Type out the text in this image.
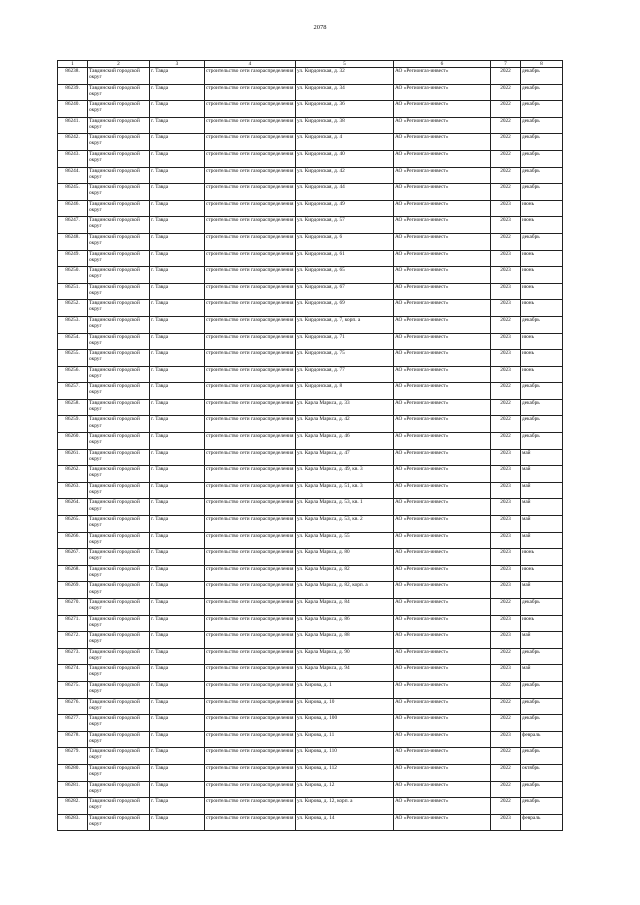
2078
1	2	3	4	5	6	7	8
86238.	Тавдинский городской округ	г. Тавда	строительство сети газораспределения	ул. Кирдонская, д. 32	АО «Регионгаз-инвест»	2022	декабрь
86239.	Тавдинский городской округ	г. Тавда	строительство сети газораспределения	ул. Кирдонская, д. 34	АО «Регионгаз-инвест»	2022	декабрь
86240.	Тавдинский городской округ	г. Тавда	строительство сети газораспределения	ул. Кирдонская, д. 36	АО «Регионгаз-инвест»	2022	декабрь
86241.	Тавдинский городской округ	г. Тавда	строительство сети газораспределения	ул. Кирдонская, д. 38	АО «Регионгаз-инвест»	2022	декабрь
86242.	Тавдинский городской округ	г. Тавда	строительство сети газораспределения	ул. Кирдонская, д. 4	АО «Регионгаз-инвест»	2022	декабрь
86243.	Тавдинский городской округ	г. Тавда	строительство сети газораспределения	ул. Кирдонская, д. 40	АО «Регионгаз-инвест»	2022	декабрь
86244.	Тавдинский городской округ	г. Тавда	строительство сети газораспределения	ул. Кирдонская, д. 42	АО «Регионгаз-инвест»	2022	декабрь
86245.	Тавдинский городской округ	г. Тавда	строительство сети газораспределения	ул. Кирдонская, д. 44	АО «Регионгаз-инвест»	2022	декабрь
86246.	Тавдинский городской округ	г. Тавда	строительство сети газораспределения	ул. Кирдонская, д. 49	АО «Регионгаз-инвест»	2023	июнь
86247.	Тавдинский городской округ	г. Тавда	строительство сети газораспределения	ул. Кирдонская, д. 57	АО «Регионгаз-инвест»	2023	июнь
86248.	Тавдинский городской округ	г. Тавда	строительство сети газораспределения	ул. Кирдонская, д. 6	АО «Регионгаз-инвест»	2022	декабрь
86249.	Тавдинский городской округ	г. Тавда	строительство сети газораспределения	ул. Кирдонская, д. 61	АО «Регионгаз-инвест»	2023	июнь
86250.	Тавдинский городской округ	г. Тавда	строительство сети газораспределения	ул. Кирдонская, д. 65	АО «Регионгаз-инвест»	2023	июнь
86251.	Тавдинский городской округ	г. Тавда	строительство сети газораспределения	ул. Кирдонская, д. 67	АО «Регионгаз-инвест»	2023	июнь
86252.	Тавдинский городской округ	г. Тавда	строительство сети газораспределения	ул. Кирдонская, д. 69	АО «Регионгаз-инвест»	2023	июнь
86253.	Тавдинский городской округ	г. Тавда	строительство сети газораспределения	ул. Кирдонская, д. 7, корп. а	АО «Регионгаз-инвест»	2022	декабрь
86254.	Тавдинский городской округ	г. Тавда	строительство сети газораспределения	ул. Кирдонская, д. 71	АО «Регионгаз-инвест»	2023	июнь
86255.	Тавдинский городской округ	г. Тавда	строительство сети газораспределения	ул. Кирдонская, д. 75	АО «Регионгаз-инвест»	2023	июнь
86256.	Тавдинский городской округ	г. Тавда	строительство сети газораспределения	ул. Кирдонская, д. 77	АО «Регионгаз-инвест»	2023	июнь
86257.	Тавдинский городской округ	г. Тавда	строительство сети газораспределения	ул. Кирдонская, д. 8	АО «Регионгаз-инвест»	2022	декабрь
86258.	Тавдинский городской округ	г. Тавда	строительство сети газораспределения	ул. Карла Маркса, д. 33	АО «Регионгаз-инвест»	2022	декабрь
86259.	Тавдинский городской округ	г. Тавда	строительство сети газораспределения	ул. Карла Маркса, д. 42	АО «Регионгаз-инвест»	2022	декабрь
86260.	Тавдинский городской округ	г. Тавда	строительство сети газораспределения	ул. Карла Маркса, д. 46	АО «Регионгаз-инвест»	2022	декабрь
86261.	Тавдинский городской округ	г. Тавда	строительство сети газораспределения	ул. Карла Маркса, д. 47	АО «Регионгаз-инвест»	2023	май
86262.	Тавдинский городской округ	г. Тавда	строительство сети газораспределения	ул. Карла Маркса, д. 49, кв. 3	АО «Регионгаз-инвест»	2023	май
86263.	Тавдинский городской округ	г. Тавда	строительство сети газораспределения	ул. Карла Маркса, д. 51, кв. 3	АО «Регионгаз-инвест»	2023	май
86264.	Тавдинский городской округ	г. Тавда	строительство сети газораспределения	ул. Карла Маркса, д. 53, кв. 1	АО «Регионгаз-инвест»	2023	май
86265.	Тавдинский городской округ	г. Тавда	строительство сети газораспределения	ул. Карла Маркса, д. 53, кв. 2	АО «Регионгаз-инвест»	2023	май
86266.	Тавдинский городской округ	г. Тавда	строительство сети газораспределения	ул. Карла Маркса, д. 55	АО «Регионгаз-инвест»	2023	май
86267.	Тавдинский городской округ	г. Тавда	строительство сети газораспределения	ул. Карла Маркса, д. 80	АО «Регионгаз-инвест»	2023	июнь
86268.	Тавдинский городской округ	г. Тавда	строительство сети газораспределения	ул. Карла Маркса, д. 82	АО «Регионгаз-инвест»	2023	июнь
86269.	Тавдинский городской округ	г. Тавда	строительство сети газораспределения	ул. Карла Маркса, д. 82, корп. а	АО «Регионгаз-инвест»	2023	май
86270.	Тавдинский городской округ	г. Тавда	строительство сети газораспределения	ул. Карла Маркса, д. 84	АО «Регионгаз-инвест»	2022	декабрь
86271.	Тавдинский городской округ	г. Тавда	строительство сети газораспределения	ул. Карла Маркса, д. 86	АО «Регионгаз-инвест»	2023	июнь
86272.	Тавдинский городской округ	г. Тавда	строительство сети газораспределения	ул. Карла Маркса, д. 88	АО «Регионгаз-инвест»	2023	май
86273.	Тавдинский городской округ	г. Тавда	строительство сети газораспределения	ул. Карла Маркса, д. 90	АО «Регионгаз-инвест»	2022	декабрь
86274.	Тавдинский городской округ	г. Тавда	строительство сети газораспределения	ул. Карла Маркса, д. 94	АО «Регионгаз-инвест»	2023	май
86275.	Тавдинский городской округ	г. Тавда	строительство сети газораспределения	ул. Кирова, д. 1	АО «Регионгаз-инвест»	2022	декабрь
86276.	Тавдинский городской округ	г. Тавда	строительство сети газораспределения	ул. Кирова, д. 10	АО «Регионгаз-инвест»	2022	декабрь
86277.	Тавдинский городской округ	г. Тавда	строительство сети газораспределения	ул. Кирова, д. 100	АО «Регионгаз-инвест»	2022	декабрь
86278.	Тавдинский городской округ	г. Тавда	строительство сети газораспределения	ул. Кирова, д. 11	АО «Регионгаз-инвест»	2023	февраль
86279.	Тавдинский городской округ	г. Тавда	строительство сети газораспределения	ул. Кирова, д. 110	АО «Регионгаз-инвест»	2022	декабрь
86280.	Тавдинский городской округ	г. Тавда	строительство сети газораспределения	ул. Кирова, д. 112	АО «Регионгаз-инвест»	2022	октябрь
86281.	Тавдинский городской округ	г. Тавда	строительство сети газораспределения	ул. Кирова, д. 12	АО «Регионгаз-инвест»	2022	декабрь
86282.	Тавдинский городской округ	г. Тавда	строительство сети газораспределения	ул. Кирова, д. 12, корп. а	АО «Регионгаз-инвест»	2022	декабрь
86283.	Тавдинский городской округ	г. Тавда	строительство сети газораспределения	ул. Кирова, д. 14	АО «Регионгаз-инвест»	2023	февраль
